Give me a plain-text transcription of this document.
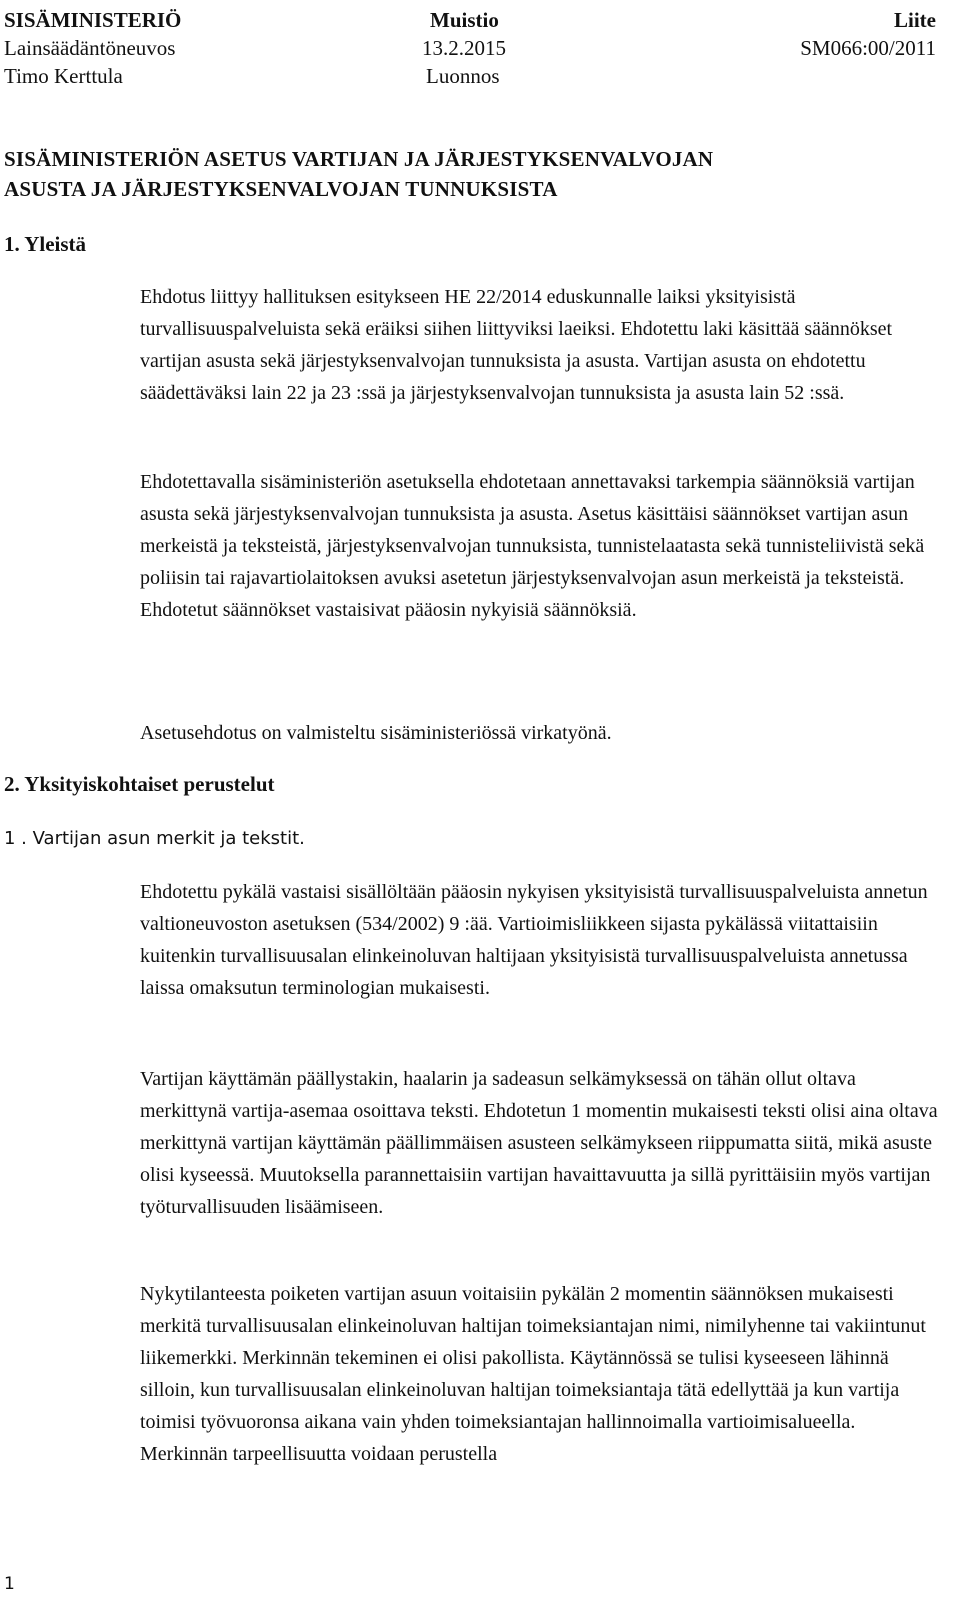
SISÄMINISTERIÖ	Muistio	Liite
Lainsäädäntöneuvos	13.2.2015	SM066:00/2011
Timo Kerttula	Luonnos
SISÄMINISTERIÖN ASETUS VARTIJAN JA JÄRJESTYKSENVALVOJAN
ASUSTA JA JÄRJESTYKSENVALVOJAN TUNNUKSISTA
1. Yleistä

Ehdotus liittyy hallituksen esitykseen HE 22/2014 eduskunnalle laiksi yksityisistä turvallisuuspalveluista sekä eräiksi siihen liittyviksi laeiksi. Ehdotettu laki käsittää säännökset vartijan asusta sekä järjestyksenvalvojan tunnuksista ja asusta. Vartijan asusta on ehdotettu säädettäväksi lain 22 ja 23 :ssä ja järjestyksenvalvojan tunnuksista ja asusta lain 52 :ssä.

Ehdotettavalla sisäministeriön asetuksella ehdotetaan annettavaksi tarkempia säännöksiä vartijan asusta sekä järjestyksenvalvojan tunnuksista ja asusta. Asetus käsittäisi säännökset vartijan asun merkeistä ja teksteistä, järjestyksenvalvojan tunnuksista, tunnistelaatasta sekä tunnisteliivistä sekä poliisin tai rajavartiolaitoksen avuksi asetetun järjestyksenvalvojan asun merkeistä ja teksteistä. Ehdotetut säännökset vastaisivat pääosin nykyisiä säännöksiä.

Asetusehdotus on valmisteltu sisäministeriössä virkatyönä.

2. Yksityiskohtaiset perustelut
1 . Vartijan asun merkit ja tekstit.

Ehdotettu pykälä vastaisi sisällöltään pääosin nykyisen yksityisistä turvallisuuspalveluista annetun valtioneuvoston asetuksen (534/2002) 9 :ää. Vartioimisliikkeen sijasta pykälässä viitattaisiin kuitenkin turvallisuusalan elinkeinoluvan haltijaan yksityisistä turvallisuuspalveluista annetussa laissa omaksutun terminologian mukaisesti.

Vartijan käyttämän päällystakin, haalarin ja sadeasun selkämyksessä on tähän ollut oltava merkittynä vartija-asemaa osoittava teksti. Ehdotetun 1 momentin mukaisesti teksti olisi aina oltava merkittynä vartijan käyttämän päällimmäisen asusteen selkämykseen riippumatta siitä, mikä asuste olisi kyseessä. Muutoksella parannettaisiin vartijan havaittavuutta ja sillä pyrittäisiin myös vartijan työturvallisuuden lisäämiseen.

Nykytilanteesta poiketen vartijan asuun voitaisiin pykälän 2 momentin säännöksen mukaisesti merkitä turvallisuusalan elinkeinoluvan haltijan toimeksiantajan nimi, nimilyhenne tai vakiintunut liikemerkki. Merkinnän tekeminen ei olisi pakollista. Käytännössä se tulisi kyseeseen lähinnä silloin, kun turvallisuusalan elinkeinoluvan haltijan toimeksiantaja tätä edellyttää ja kun vartija toimisi työvuoronsa aikana vain yhden toimeksiantajan hallinnoimalla vartioimisalueella. Merkinnän tarpeellisuutta voidaan perustella

1
